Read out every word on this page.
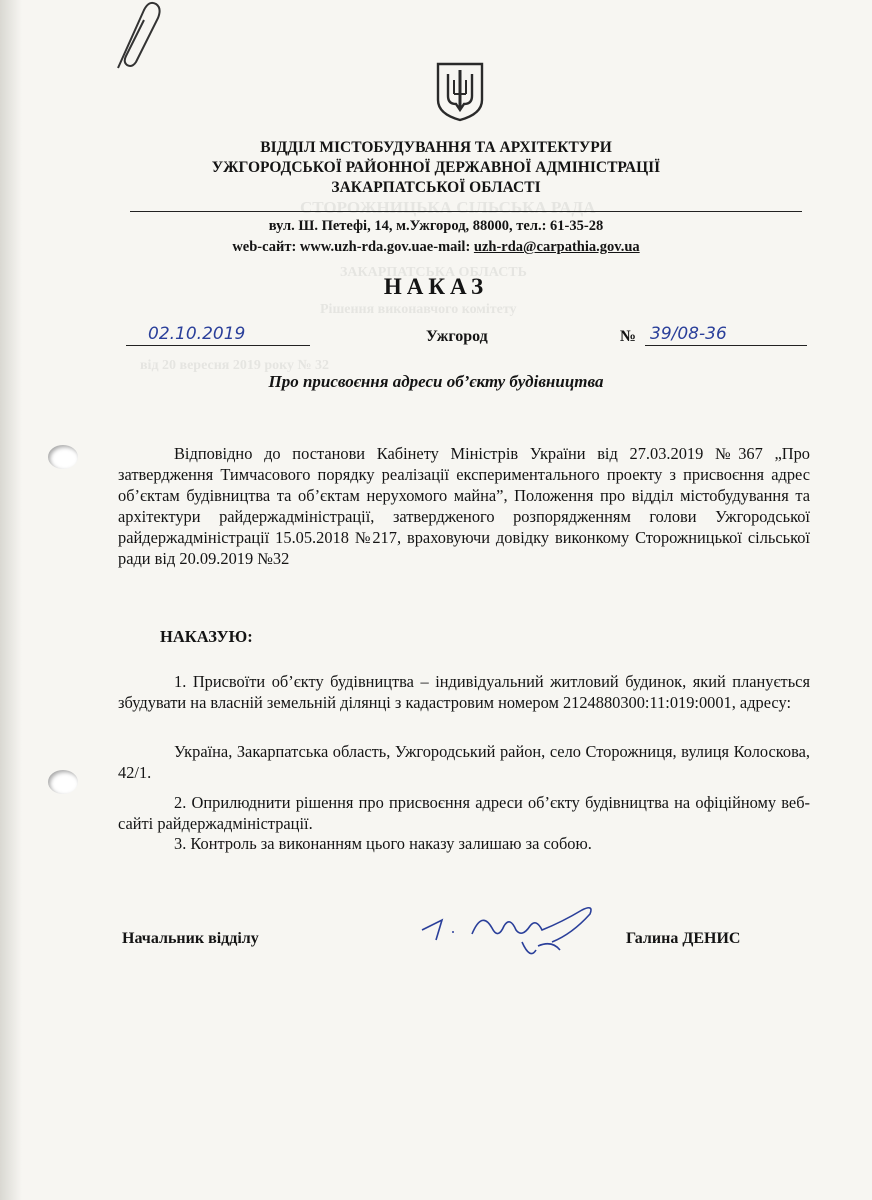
СТОРОЖНИЦЬКА СІЛЬСЬКА РАДА
ЗАКАРПАТСЬКА ОБЛАСТЬ
Рішення виконавчого комітету
від 20 вересня 2019 року № 32
ВІДДІЛ МІСТОБУДУВАННЯ ТА АРХІТЕКТУРИ
УЖГОРОДСЬКОЇ РАЙОННОЇ ДЕРЖАВНОЇ АДМІНІСТРАЦІЇ
ЗАКАРПАТСЬКОЇ ОБЛАСТІ
вул. Ш. Петефі, 14, м.Ужгород, 88000, тел.: 61-35-28
web-сайт: www.uzh-rda.gov.uae-mail: uzh-rda@carpathia.gov.ua
НАКАЗ
02.10.2019	Ужгород	№ 39/08-36
Про присвоєння адреси об’єкту будівництва
Відповідно до постанови Кабінету Міністрів України від 27.03.2019 №367 „Про затвердження Тимчасового порядку реалізації експериментального проекту з присвоєння адрес об’єктам будівництва та об’єктам нерухомого майна”, Положення про відділ містобудування та архітектури райдержадміністрації, затвердженого розпорядженням голови Ужгородської райдержадміністрації 15.05.2018 №217, враховуючи довідку виконкому Сторожницької сільської ради від 20.09.2019 №32
НАКАЗУЮ:
1. Присвоїти об’єкту будівництва – індивідуальний житловий будинок, який планується збудувати на власній земельній ділянці з кадастровим номером 2124880300:11:019:0001, адресу:
Україна, Закарпатська область, Ужгородський район, село Сторожниця, вулиця Колоскова, 42/1.
2. Оприлюднити рішення про присвоєння адреси об’єкту будівництва на офіційному веб-сайті райдержадміністрації.
3. Контроль за виконанням цього наказу залишаю за собою.
Начальник відділу	Галина ДЕНИС
